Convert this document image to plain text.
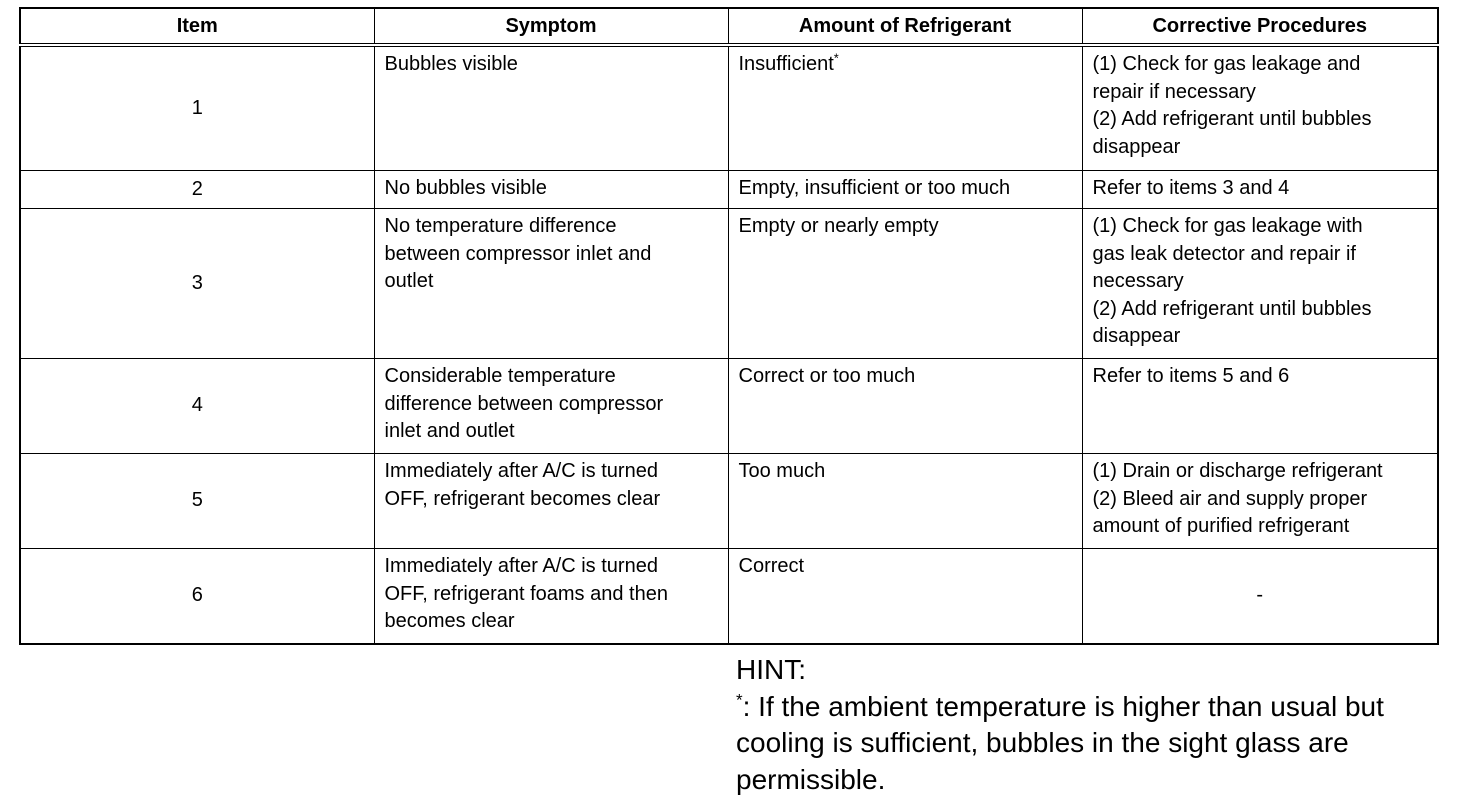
Item	Symptom	Amount of Refrigerant	Corrective Procedures
1	Bubbles visible	Insufficient*	(1) Check for gas leakage and
repair if necessary
(2) Add refrigerant until bubbles
disappear

2	No bubbles visible	Empty, insufficient or too much	Refer to items 3 and 4

3	No temperature difference
between compressor inlet and
outlet	Empty or nearly empty	(1) Check for gas leakage with
gas leak detector and repair if
necessary
(2) Add refrigerant until bubbles
disappear

4	Considerable temperature
difference between compressor
inlet and outlet	Correct or too much	Refer to items 5 and 6

5	Immediately after A/C is turned
OFF, refrigerant becomes clear	Too much	(1) Drain or discharge refrigerant
(2) Bleed air and supply proper
amount of purified refrigerant

6	Immediately after A/C is turned
OFF, refrigerant foams and then
becomes clear	Correct	-
HINT:
*: If the ambient temperature is higher than usual but cooling is sufficient, bubbles in the sight glass are permissible.
